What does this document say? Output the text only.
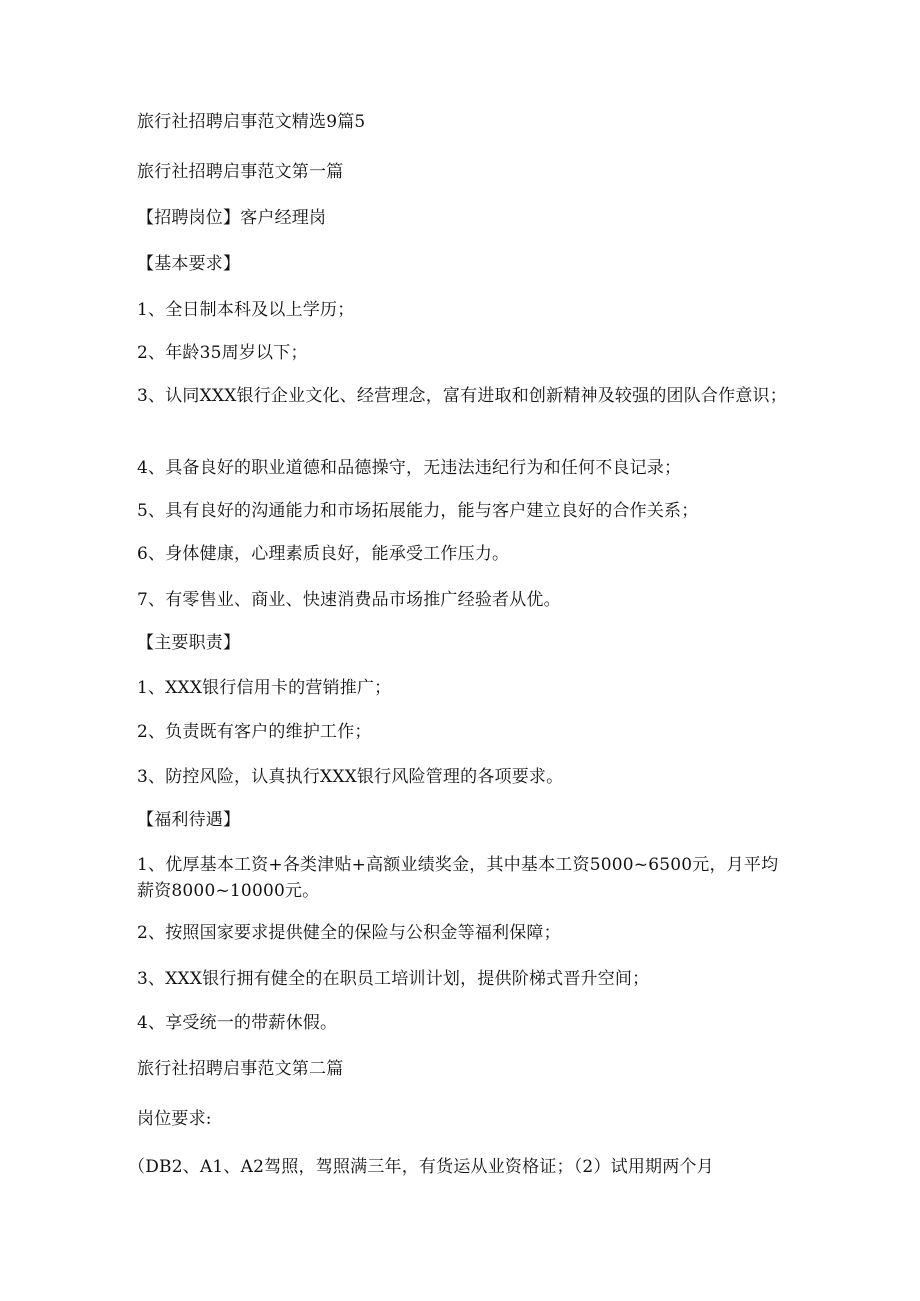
旅行社招聘启事范文精选9篇5

旅行社招聘启事范文第一篇

【招聘岗位】客户经理岗

【基本要求】

1、全日制本科及以上学历；

2、年龄35周岁以下；

3、认同XXX银行企业文化、经营理念，富有进取和创新精神及较强的团队合作意识；

4、具备良好的职业道德和品德操守，无违法违纪行为和任何不良记录；

5、具有良好的沟通能力和市场拓展能力，能与客户建立良好的合作关系；

6、身体健康，心理素质良好，能承受工作压力。

7、有零售业、商业、快速消费品市场推广经验者从优。

【主要职责】

1、XXX银行信用卡的营销推广；

2、负责既有客户的维护工作；

3、防控风险，认真执行XXX银行风险管理的各项要求。

【福利待遇】

1、优厚基本工资+各类津贴+高额业绩奖金，其中基本工资5000~6500元，月平均薪资8000~10000元。

2、按照国家要求提供健全的保险与公积金等福利保障；

3、XXX银行拥有健全的在职员工培训计划，提供阶梯式晋升空间；

4、享受统一的带薪休假。

旅行社招聘启事范文第二篇

岗位要求:

（DB2、A1、A2驾照，驾照满三年，有货运从业资格证；（2）试用期两个月
